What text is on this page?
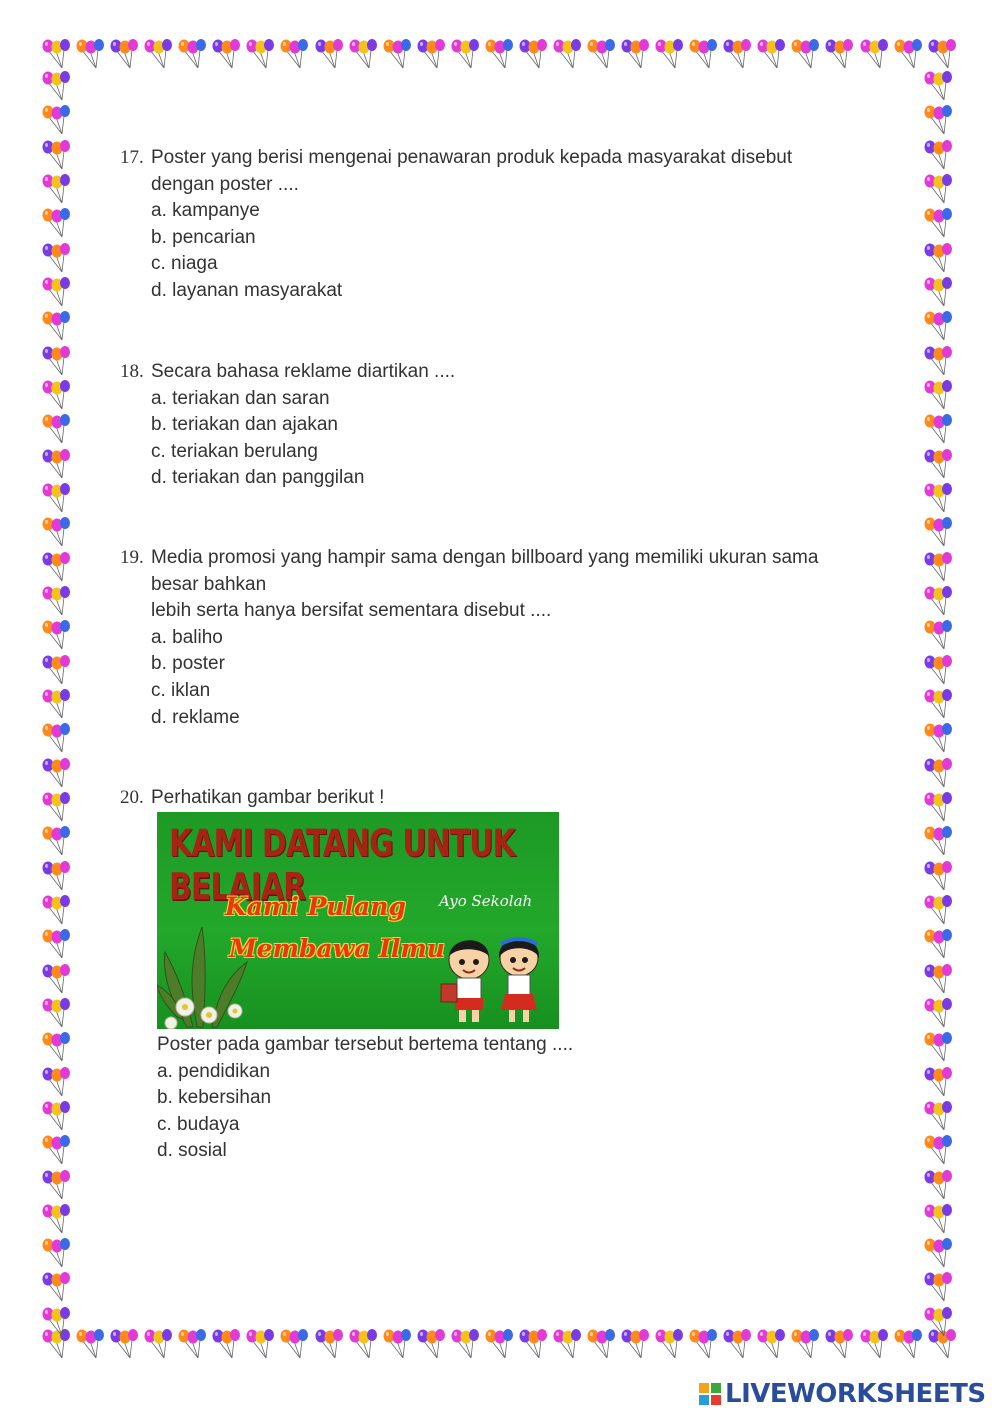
17. Poster yang berisi mengenai penawaran produk kepada masyarakat disebut
dengan poster ....
a. kampanye
b. pencarian
c. niaga
d. layanan masyarakat
18. Secara bahasa reklame diartikan ....
a. teriakan dan saran
b. teriakan dan ajakan
c. teriakan berulang
d. teriakan dan panggilan
19. Media promosi yang hampir sama dengan billboard yang memiliki ukuran sama
besar bahkan
lebih serta hanya bersifat sementara disebut ....
a. baliho
b. poster
c. iklan
d. reklame
20. Perhatikan gambar berikut !
KAMI DATANG UNTUK BELAJAR
Kami Pulang
Membawa Ilmu
Ayo Sekolah
Poster pada gambar tersebut bertema tentang ....
a. pendidikan
b. kebersihan
c. budaya
d. sosial
LIVEWORKSHEETS
